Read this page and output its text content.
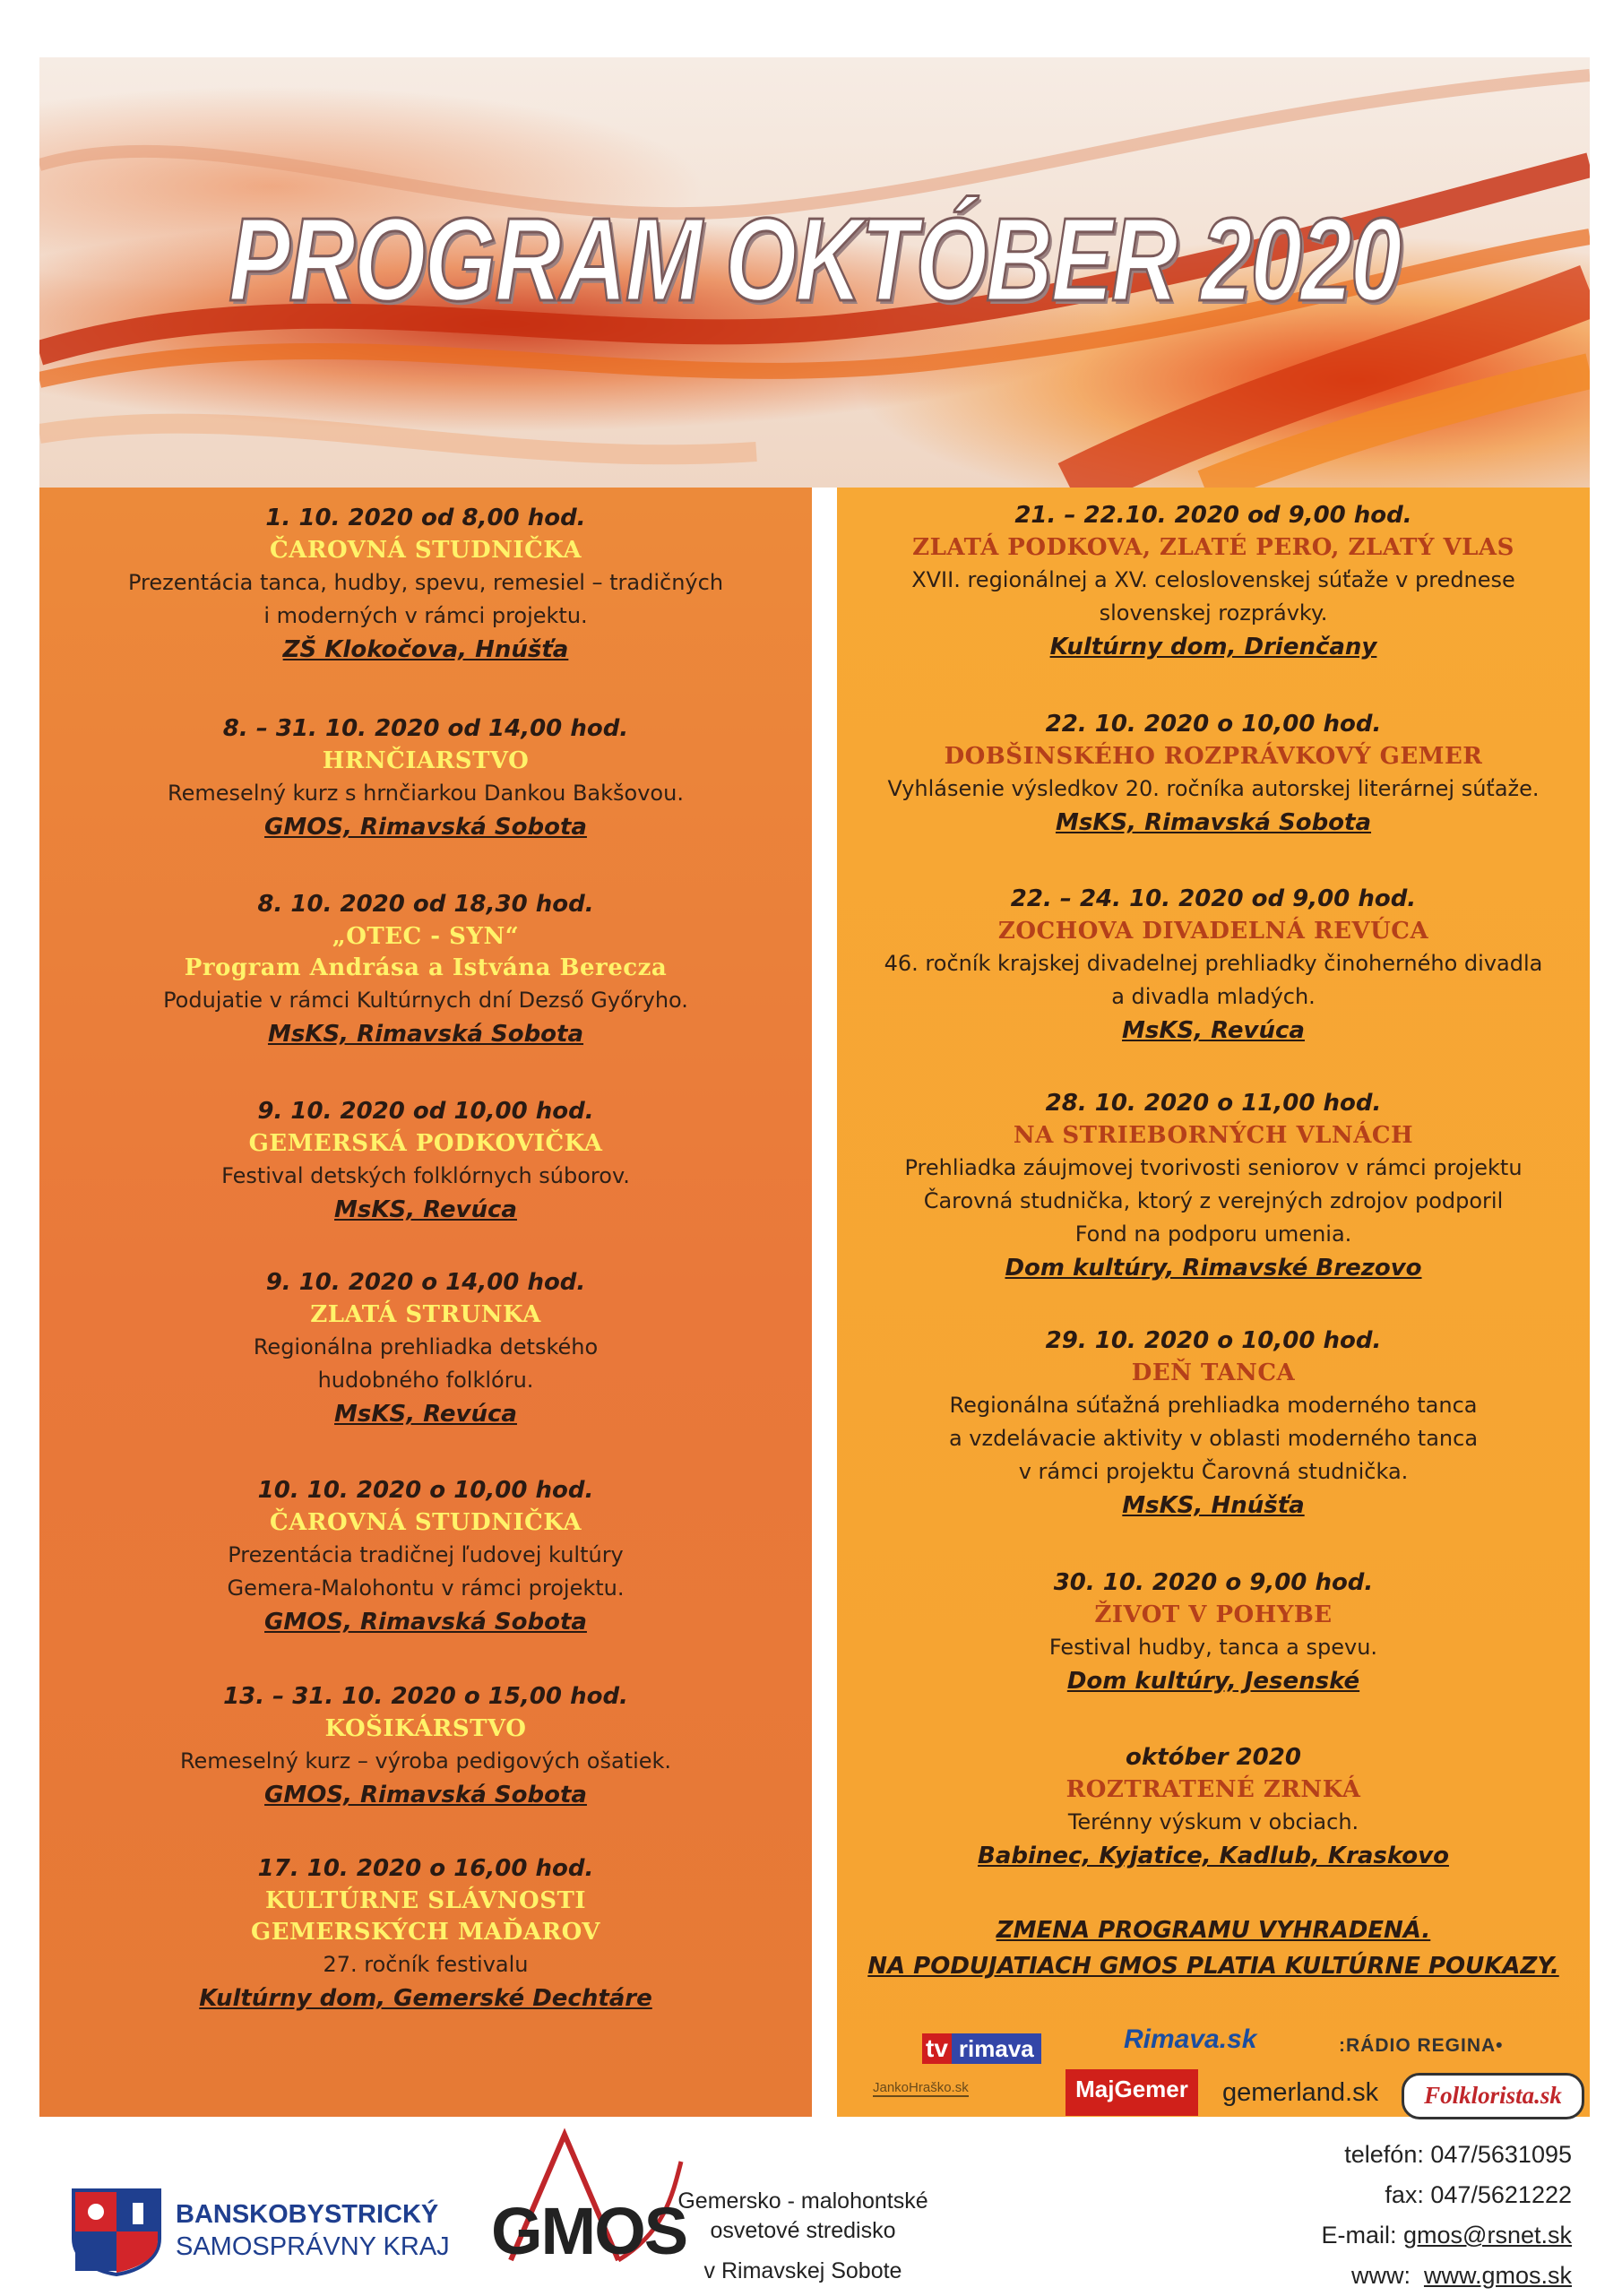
PROGRAM OKTÓBER 2020
1. 10. 2020 od 8,00 hod.
ČAROVNÁ STUDNIČKA
Prezentácia tanca, hudby, spevu, remesiel – tradičných
i moderných v rámci projektu.
ZŠ Klokočova, Hnúšťa
8. – 31. 10. 2020 od 14,00 hod.
HRNČIARSTVO
Remeselný kurz s hrnčiarkou Dankou Bakšovou.
GMOS, Rimavská Sobota
8. 10. 2020 od 18,30 hod.
„OTEC - SYN“
Program Andrása a Istvána Berecza
Podujatie v rámci Kultúrnych dní Dezső Győryho.
MsKS, Rimavská Sobota
9. 10. 2020 od 10,00 hod.
GEMERSKÁ PODKOVIČKA
Festival detských folklórnych súborov.
MsKS, Revúca
9. 10. 2020 o 14,00 hod.
ZLATÁ STRUNKA
Regionálna prehliadka detského
hudobného folklóru.
MsKS, Revúca
10. 10. 2020 o 10,00 hod.
ČAROVNÁ STUDNIČKA
Prezentácia tradičnej ľudovej kultúry
Gemera-Malohontu v rámci projektu.
GMOS, Rimavská Sobota
13. – 31. 10. 2020 o 15,00 hod.
KOŠIKÁRSTVO
Remeselný kurz – výroba pedigových ošatiek.
GMOS, Rimavská Sobota
17. 10. 2020 o 16,00 hod.
KULTÚRNE SLÁVNOSTI
GEMERSKÝCH MAĎAROV
27. ročník festivalu
Kultúrny dom, Gemerské Dechtáre
21. – 22.10. 2020 od 9,00 hod.
ZLATÁ PODKOVA, ZLATÉ PERO, ZLATÝ VLAS
XVII. regionálnej a XV. celoslovenskej súťaže v prednese
slovenskej rozprávky.
Kultúrny dom, Drienčany
22. 10. 2020 o 10,00 hod.
DOBŠINSKÉHO ROZPRÁVKOVÝ GEMER
Vyhlásenie výsledkov 20. ročníka autorskej literárnej súťaže.
MsKS, Rimavská Sobota
22. – 24. 10. 2020 od 9,00 hod.
ZOCHOVA DIVADELNÁ REVÚCA
46. ročník krajskej divadelnej prehliadky činoherného divadla
a divadla mladých.
MsKS, Revúca
28. 10. 2020 o 11,00 hod.
NA STRIEBORNÝCH VLNÁCH
Prehliadka záujmovej tvorivosti seniorov v rámci projektu
Čarovná studnička, ktorý z verejných zdrojov podporil
Fond na podporu umenia.
Dom kultúry, Rimavské Brezovo
29. 10. 2020 o 10,00 hod.
DEŇ TANCA
Regionálna súťažná prehliadka moderného tanca
a vzdelávacie aktivity v oblasti moderného tanca
v rámci projektu Čarovná studnička.
MsKS, Hnúšťa
30. 10. 2020 o 9,00 hod.
ŽIVOT V POHYBE
Festival hudby, tanca a spevu.
Dom kultúry, Jesenské
október 2020
ROZTRATENÉ ZRNKÁ
Terénny výskum v obciach.
Babinec, Kyjatice, Kadlub, Kraskovo
ZMENA PROGRAMU VYHRADENÁ.
NA PODUJATIACH GMOS PLATIA KULTÚRNE POUKAZY.
tv rimava	Rimava.sk	:RÁDIO REGINA•
JankoHraško.sk	MajGemer	gemerland.sk	Folklorista.sk
BANSKOBYSTRICKÝ
SAMOSPRÁVNY KRAJ GMOS
Gemersko - malohontské
osvetové stredisko
v Rimavskej Sobote
telefón: 047/5631095
fax: 047/5621222
E-mail: gmos@rsnet.sk
www:  www.gmos.sk
